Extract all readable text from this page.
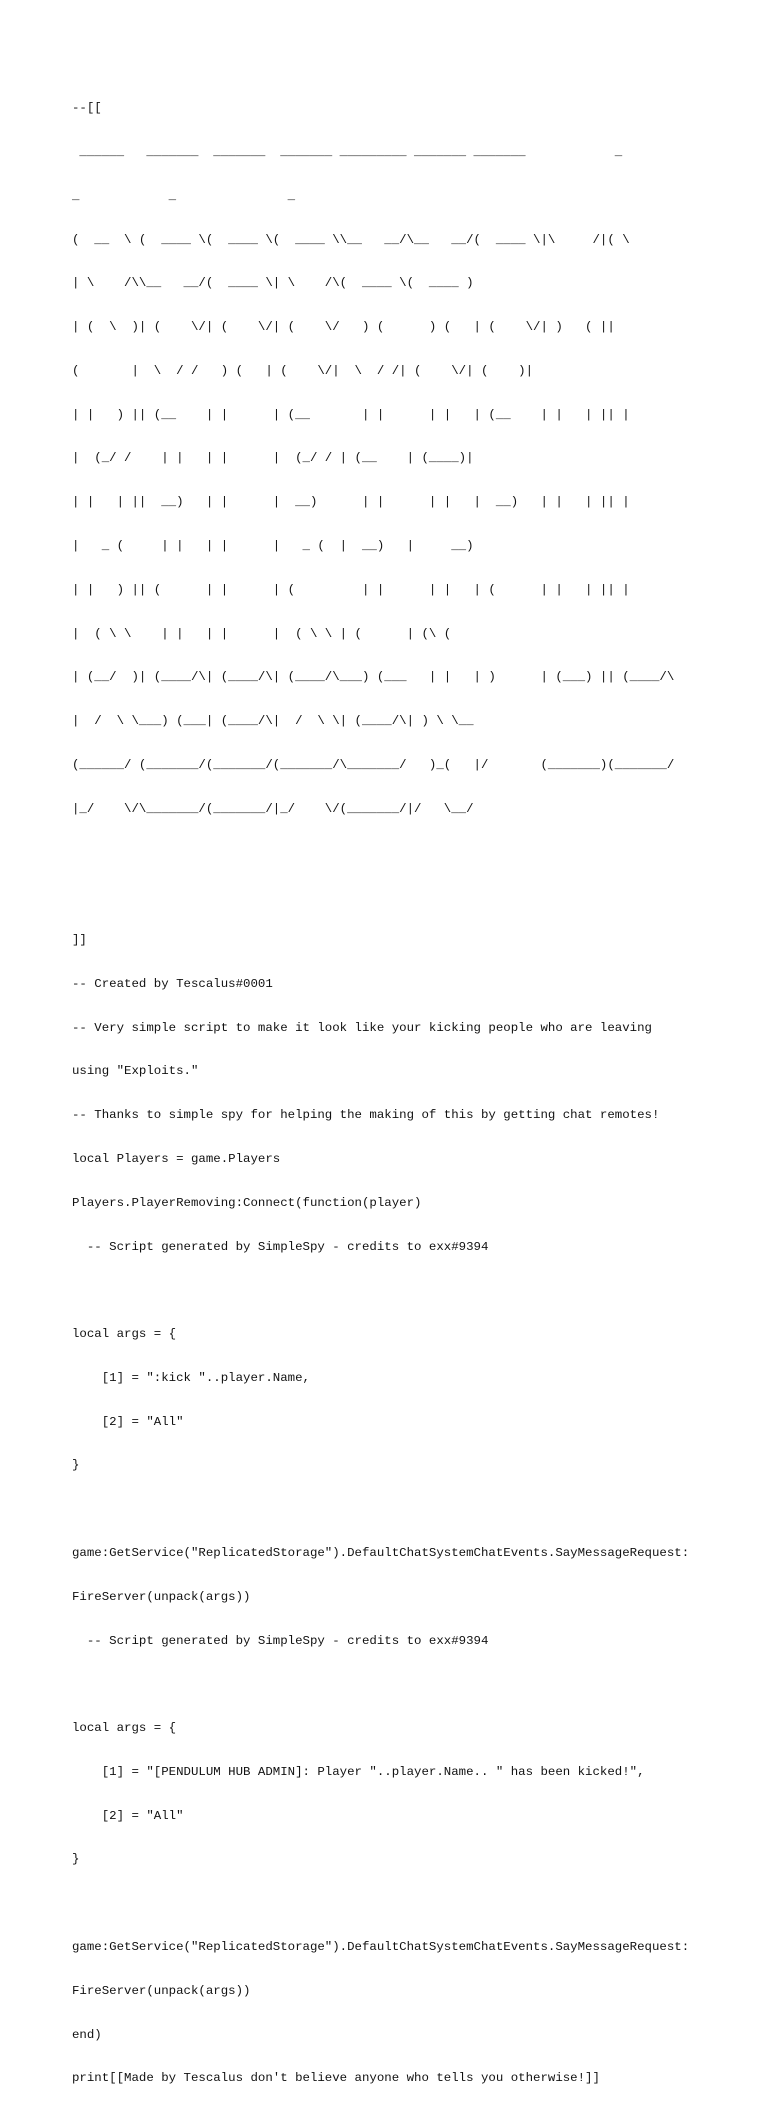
--[[

______   _______  _______  _______ _________ _______ _______            _

_            _               _

(  __  \ (  ____ \(  ____ \(  ____ \\__   __/\__   __/(  ____ \|\     /|( \

| \    /\\__   __/(  ____ \| \    /\(  ____ \(  ____ )

| (  \  )| (    \/| (    \/| (    \/   ) (      ) (   | (    \/| )   ( ||

(       |  \  / /   ) (   | (    \/|  \  / /| (    \/| (    )|

| |   ) || (__    | |      | (__       | |      | |   | (__    | |   | || |

|  (_/ /    | |   | |      |  (_/ / | (__    | (____)|

| |   | ||  __)   | |      |  __)      | |      | |   |  __)   | |   | || |

|   _ (     | |   | |      |   _ (  |  __)   |     __)

| |   ) || (      | |      | (         | |      | |   | (      | |   | || |

|  ( \ \    | |   | |      |  ( \ \ | (      | (\ (

| (__/  )| (____/\| (____/\| (____/\___) (___   | |   | )      | (___) || (____/\

|  /  \ \___) (___| (____/\|  /  \ \| (____/\| ) \ \__

(______/ (_______/(_______/(_______/\_______/   )_(   |/       (_______)(_______/

|_/    \/\_______/(_______/|_/    \/(_______/|/   \__/

]]

-- Created by Tescalus#0001

-- Very simple script to make it look like your kicking people who are leaving

using "Exploits."

-- Thanks to simple spy for helping the making of this by getting chat remotes!

local Players = game.Players

Players.PlayerRemoving:Connect(function(player)

-- Script generated by SimpleSpy - credits to exx#9394

local args = {

[1] = ":kick "..player.Name,

[2] = "All"

}

game:GetService("ReplicatedStorage").DefaultChatSystemChatEvents.SayMessageRequest:

FireServer(unpack(args))

-- Script generated by SimpleSpy - credits to exx#9394

local args = {

[1] = "[PENDULUM HUB ADMIN]: Player "..player.Name.. " has been kicked!",

[2] = "All"

}

game:GetService("ReplicatedStorage").DefaultChatSystemChatEvents.SayMessageRequest:

FireServer(unpack(args))

end)

print[[Made by Tescalus don't believe anyone who tells you otherwise!]]
